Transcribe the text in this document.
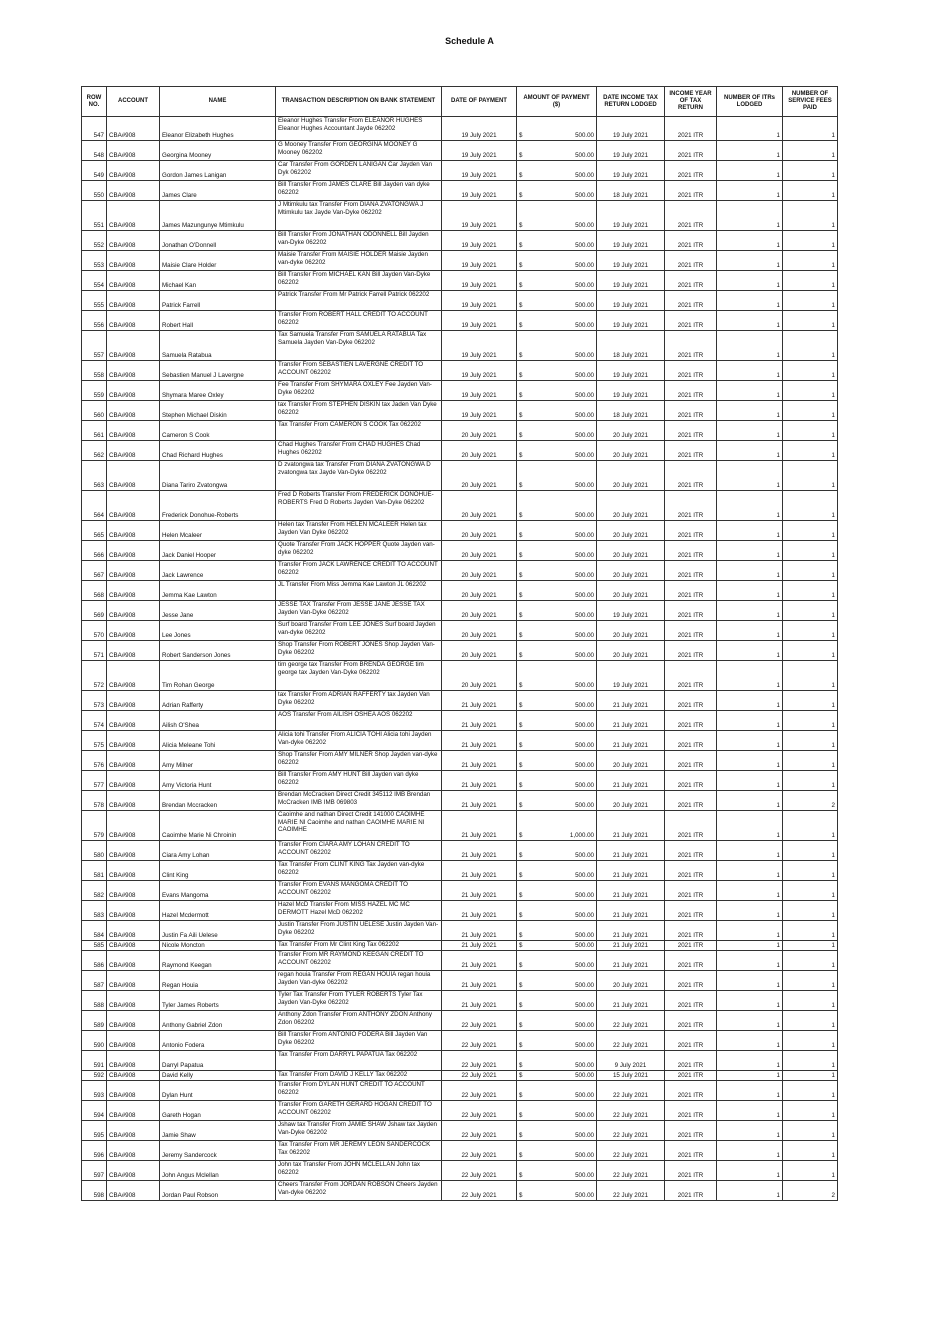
Schedule A
ROW NO.	ACCOUNT	NAME	TRANSACTION DESCRIPTION ON BANK STATEMENT	DATE OF PAYMENT	AMOUNT OF PAYMENT ($)	DATE INCOME TAX RETURN LODGED	INCOME YEAR OF TAX RETURN	NUMBER OF ITRs LODGED	NUMBER OF SERVICE FEES PAID
547	CBA#908	Eleanor Elizabeth Hughes	Eleanor Hughes Transfer From ELEANOR HUGHES Eleanor Hughes Accountant Jayde 062202	19 July 2021	$ 500.00	19 July 2021	2021 ITR	1	1
548	CBA#908	Georgina Mooney	G Mooney Transfer From GEORGINA MOONEY G Mooney 062202	19 July 2021	$ 500.00	19 July 2021	2021 ITR	1	1
549	CBA#908	Gordon James Lanigan	Car Transfer From GORDEN LANIGAN Car Jayden Van Dyk 062202	19 July 2021	$ 500.00	19 July 2021	2021 ITR	1	1
550	CBA#908	James Clare	Bill Transfer From JAMES CLARE Bill Jayden van dyke 062202	19 July 2021	$ 500.00	18 July 2021	2021 ITR	1	1
551	CBA#908	James Mazungunye Mtimkulu	J Mtimkulu tax Transfer From DIANA ZVATONGWA J Mtimkulu tax Jayde Van-Dyke 062202	19 July 2021	$ 500.00	19 July 2021	2021 ITR	1	1
552	CBA#908	Jonathan O'Donnell	Bill Transfer From JONATHAN ODONNELL Bill Jayden van-Dyke 062202	19 July 2021	$ 500.00	19 July 2021	2021 ITR	1	1
553	CBA#908	Maisie Clare Holder	Maisie Transfer From MAISIE HOLDER Maisie Jayden van-dyke 062202	19 July 2021	$ 500.00	19 July 2021	2021 ITR	1	1
554	CBA#908	Michael Kan	Bill Transfer From MICHAEL KAN Bill Jayden Van-Dyke 062202	19 July 2021	$ 500.00	19 July 2021	2021 ITR	1	1
555	CBA#908	Patrick Farrell	Patrick Transfer From Mr Patrick Farrell Patrick 062202	19 July 2021	$ 500.00	19 July 2021	2021 ITR	1	1
556	CBA#908	Robert Hall	Transfer From ROBERT HALL CREDIT TO ACCOUNT 062202	19 July 2021	$ 500.00	19 July 2021	2021 ITR	1	1
557	CBA#908	Samuela Ratabua	Tax Samuela Transfer From SAMUELA RATABUA Tax Samuela Jayden Van-Dyke 062202	19 July 2021	$ 500.00	18 July 2021	2021 ITR	1	1
558	CBA#908	Sebastien Manuel J Lavergne	Transfer From SEBASTIEN LAVERGNE CREDIT TO ACCOUNT 062202	19 July 2021	$ 500.00	19 July 2021	2021 ITR	1	1
559	CBA#908	Shymara Maree Oxley	Fee Transfer From SHYMARA OXLEY Fee Jayden Van-Dyke 062202	19 July 2021	$ 500.00	19 July 2021	2021 ITR	1	1
560	CBA#908	Stephen Michael Diskin	tax Transfer From STEPHEN DISKIN tax Jaden Van Dyke 062202	19 July 2021	$ 500.00	18 July 2021	2021 ITR	1	1
561	CBA#908	Cameron S Cook	Tax Transfer From CAMERON S COOK Tax 062202	20 July 2021	$ 500.00	20 July 2021	2021 ITR	1	1
562	CBA#908	Chad Richard Hughes	Chad Hughes Transfer From CHAD HUGHES Chad Hughes 062202	20 July 2021	$ 500.00	20 July 2021	2021 ITR	1	1
563	CBA#908	Diana Tariro Zvatongwa	D zvatongwa tax Transfer From DIANA ZVATONGWA D zvatongwa tax Jayde Van-Dyke 062202	20 July 2021	$ 500.00	20 July 2021	2021 ITR	1	1
564	CBA#908	Frederick Donohue-Roberts	Fred D Roberts Transfer From FREDERICK DONOHUE-ROBERTS Fred D Roberts Jayden Van-Dyke 062202	20 July 2021	$ 500.00	20 July 2021	2021 ITR	1	1
565	CBA#908	Helen Mcaleer	Helen tax Transfer From HELEN MCALEER Helen tax Jayden Van Dyke 062202	20 July 2021	$ 500.00	20 July 2021	2021 ITR	1	1
566	CBA#908	Jack Daniel Hooper	Quote Transfer From JACK HOPPER Quote Jayden van-dyke 062202	20 July 2021	$ 500.00	20 July 2021	2021 ITR	1	1
567	CBA#908	Jack Lawrence	Transfer From JACK LAWRENCE CREDIT TO ACCOUNT 062202	20 July 2021	$ 500.00	20 July 2021	2021 ITR	1	1
568	CBA#908	Jemma Kae Lawton	JL Transfer From Miss Jemma Kae Lawton JL 062202	20 July 2021	$ 500.00	20 July 2021	2021 ITR	1	1
569	CBA#908	Jesse Jane	JESSE TAX Transfer From JESSE JANE JESSE TAX Jayden Van-Dyke 062202	20 July 2021	$ 500.00	19 July 2021	2021 ITR	1	1
570	CBA#908	Lee Jones	Surf board Transfer From LEE JONES Surf board Jayden van-dyke 062202	20 July 2021	$ 500.00	20 July 2021	2021 ITR	1	1
571	CBA#908	Robert Sanderson Jones	Shop Transfer From ROBERT JONES Shop Jayden Van-Dyke 062202	20 July 2021	$ 500.00	20 July 2021	2021 ITR	1	1
572	CBA#908	Tim Rohan George	tim george tax Transfer From BRENDA GEORGE tim george tax Jayden Van-Dyke 062202	20 July 2021	$ 500.00	19 July 2021	2021 ITR	1	1
573	CBA#908	Adrian Rafferty	tax Transfer From ADRIAN RAFFERTY tax Jayden Van Dyke 062202	21 July 2021	$ 500.00	21 July 2021	2021 ITR	1	1
574	CBA#908	Ailish O'Shea	AOS Transfer From AILISH OSHEA AOS 062202	21 July 2021	$ 500.00	21 July 2021	2021 ITR	1	1
575	CBA#908	Alicia Meleane Tohi	Alicia tohi Transfer From ALICIA TOHI Alicia tohi Jayden Van-dyke 062202	21 July 2021	$ 500.00	21 July 2021	2021 ITR	1	1
576	CBA#908	Amy Milner	Shop Transfer From AMY MILNER Shop Jayden van-dyke 062202	21 July 2021	$ 500.00	20 July 2021	2021 ITR	1	1
577	CBA#908	Amy Victoria Hunt	Bill Transfer From AMY HUNT Bill Jayden van dyke 062202	21 July 2021	$ 500.00	21 July 2021	2021 ITR	1	1
578	CBA#908	Brendan Mccracken	Brendan McCracken Direct Credit 345112 IMB Brendan McCracken IMB IMB 069803	21 July 2021	$ 500.00	20 July 2021	2021 ITR	1	2
579	CBA#908	Caoimhe Marie Ni Chroinin	Caoimhe and nathan Direct Credit 141000 CAOIMHE MARIE NI Caoimhe and nathan CAOIMHE MARIE NI CAOIMHE	21 July 2021	$ 1,000.00	21 July 2021	2021 ITR	1	1
580	CBA#908	Ciara Amy Lohan	Transfer From CIARA AMY LOHAN CREDIT TO ACCOUNT 062202	21 July 2021	$ 500.00	21 July 2021	2021 ITR	1	1
581	CBA#908	Clint King	Tax Transfer From CLINT KING Tax Jayden van-dyke 062202	21 July 2021	$ 500.00	21 July 2021	2021 ITR	1	1
582	CBA#908	Evans Mangoma	Transfer From EVANS MANGOMA CREDIT TO ACCOUNT 062202	21 July 2021	$ 500.00	21 July 2021	2021 ITR	1	1
583	CBA#908	Hazel Mcdermott	Hazel McD Transfer From MISS HAZEL MC MC DERMOTT Hazel McD 062202	21 July 2021	$ 500.00	21 July 2021	2021 ITR	1	1
584	CBA#908	Justin Fa Aili Uelese	Justin Transfer From JUSTIN UELESE Justin Jayden Van-Dyke 062202	21 July 2021	$ 500.00	21 July 2021	2021 ITR	1	1
585	CBA#908	Nicole Moncton	Tax Transfer From Mr Clint King Tax 062202	21 July 2021	$ 500.00	21 July 2021	2021 ITR	1	1
586	CBA#908	Raymond Keegan	Transfer From MR RAYMOND KEEGAN CREDIT TO ACCOUNT 062202	21 July 2021	$ 500.00	21 July 2021	2021 ITR	1	1
587	CBA#908	Regan Houia	regan houia Transfer From REGAN HOUIA regan houia Jayden Van-dyke 062202	21 July 2021	$ 500.00	20 July 2021	2021 ITR	1	1
588	CBA#908	Tyler James Roberts	Tyler Tax Transfer From TYLER ROBERTS Tyler Tax Jayden Van-Dyke 062202	21 July 2021	$ 500.00	21 July 2021	2021 ITR	1	1
589	CBA#908	Anthony Gabriel Zdon	Anthony Zdon Transfer From ANTHONY ZDON Anthony Zdon 062202	22 July 2021	$ 500.00	22 July 2021	2021 ITR	1	1
590	CBA#908	Antonio Fodera	Bill Transfer From ANTONIO FODERA Bill Jayden Van Dyke 062202	22 July 2021	$ 500.00	22 July 2021	2021 ITR	1	1
591	CBA#908	Darryl Papatua	Tax Transfer From DARRYL PAPATUA Tax 062202	22 July 2021	$ 500.00	9 July 2021	2021 ITR	1	1
592	CBA#908	David Kelly	Tax Transfer From DAVID J KELLY Tax 062202	22 July 2021	$ 500.00	15 July 2021	2021 ITR	1	1
593	CBA#908	Dylan Hunt	Transfer From DYLAN HUNT CREDIT TO ACCOUNT 062202	22 July 2021	$ 500.00	22 July 2021	2021 ITR	1	1
594	CBA#908	Gareth Hogan	Transfer From GARETH GERARD HOGAN CREDIT TO ACCOUNT 062202	22 July 2021	$ 500.00	22 July 2021	2021 ITR	1	1
595	CBA#908	Jamie Shaw	Jshaw tax Transfer From JAMIE SHAW Jshaw tax Jayden Van-Dyke 062202	22 July 2021	$ 500.00	22 July 2021	2021 ITR	1	1
596	CBA#908	Jeremy Sandercock	Tax Transfer From MR JEREMY LEON SANDERCOCK Tax 062202	22 July 2021	$ 500.00	22 July 2021	2021 ITR	1	1
597	CBA#908	John Angus Mclellan	John tax Transfer From JOHN MCLELLAN John tax 062202	22 July 2021	$ 500.00	22 July 2021	2021 ITR	1	1
598	CBA#908	Jordan Paul Robson	Cheers Transfer From JORDAN ROBSON Cheers Jayden Van-dyke 062202	22 July 2021	$ 500.00	22 July 2021	2021 ITR	1	2
